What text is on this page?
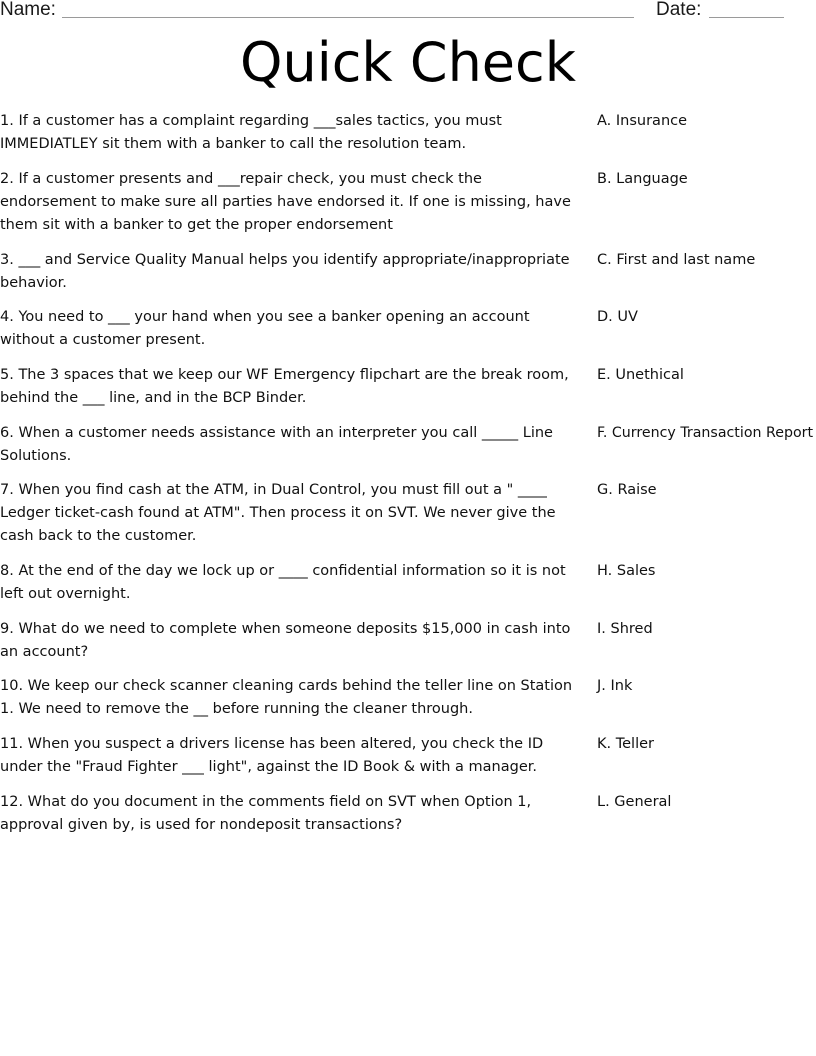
Name:	Date:
Quick Check
1. If a customer has a complaint regarding ___sales tactics, you must IMMEDIATLEY sit them with a banker to call the resolution team.
2. If a customer presents and ___repair check, you must check the endorsement to make sure all parties have endorsed it. If one is missing, have them sit with a banker to get the proper endorsement
3. ___ and Service Quality Manual helps you identify appropriate/inappropriate behavior.
4. You need to ___ your hand when you see a banker opening an account without a customer present.
5. The 3 spaces that we keep our WF Emergency flipchart are the break room, behind the ___ line, and in the BCP Binder.
6. When a customer needs assistance with an interpreter you call _____ Line Solutions.
7. When you find cash at the ATM, in Dual Control, you must fill out a " ____ Ledger ticket-cash found at ATM". Then process it on SVT. We never give the cash back to the customer.
8. At the end of the day we lock up or ____ confidential information so it is not left out overnight.
9. What do we need to complete when someone deposits $15,000 in cash into an account?
10. We keep our check scanner cleaning cards behind the teller line on Station 1. We need to remove the __ before running the cleaner through.
11. When you suspect a drivers license has been altered, you check the ID under the "Fraud Fighter ___ light", against the ID Book & with a manager.
12. What do you document in the comments field on SVT when Option 1, approval given by, is used for nondeposit transactions?
A. Insurance
B. Language
C. First and last name
D. UV
E. Unethical
F. Currency Transaction Report
G. Raise
H. Sales
I. Shred
J. Ink
K. Teller
L. General
